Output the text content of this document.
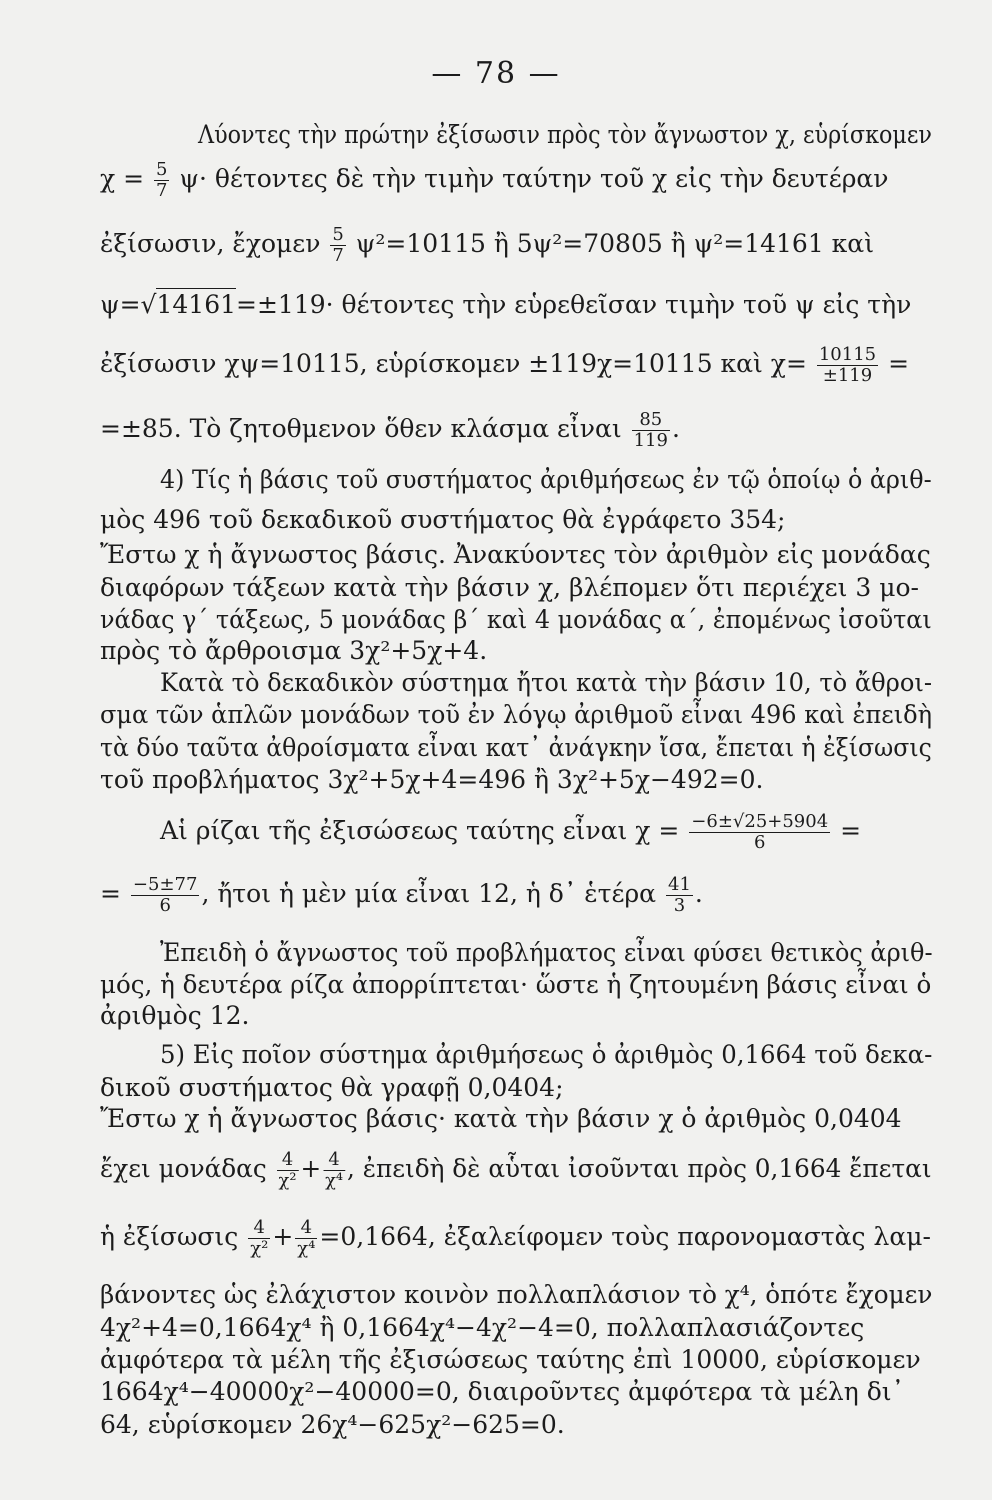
— 78 —
Λύοντες τὴν πρώτην ἐξίσωσιν πρὸς τὸν ἄγνωστον χ, εὑρίσκομεν
$\chi = \frac{5}{7} \psi\cdot \theta έ\tau o\nu\tau\varepsilon\varsigma$ δὲ τὴν τιμὴν ταύτην τοῦ χ εἰς τὴν δευτέραν
ἐξίσωσιν, ἔχομεν $\frac{5}{7} \psi^2=10115$ ἢ 5ψ²=70805 ἢ ψ²=14161 καὶ
ψ=√14161=±119· θέτοντες τὴν εὑρεθεῖσαν τιμὴν τοῦ ψ εἰς τὴν
ἐξίσωσιν χψ=10115, εὑρίσκομεν ±119χ=10115 καὶ $\chi= \frac{10115}{\pm 119}$ =
=±85. Τὸ ζητοθμενον ὅθεν κλάσμα εἶναι $\frac{85}{119}$ .
4) Τίς ἡ βάσις τοῦ συστήματος ἀριθμήσεως ἐν τῷ ὁποίῳ ὁ ἀριθ-
μὸς 496 τοῦ δεκαδικοῦ συστήματος θὰ ἐγράφετο 354;
Ἔστω χ ἡ ἄγνωστος βάσις. Ἀνακύοντες τὸν ἀριθμὸν εἰς μονάδας
διαφόρων τάξεων κατὰ τὴν βάσιν χ, βλέπομεν ὅτι περιέχει 3 μο-
νάδας γ΄ τάξεως, 5 μονάδας β΄ καὶ 4 μονάδας α΄, ἐπομένως ἰσοῦται
πρὸς τὸ ἄρθροισμα 3χ²+5χ+4.
Κατὰ τὸ δεκαδικὸν σύστημα ἤτοι κατὰ τὴν βάσιν 10, τὸ ἄθροι-
σμα τῶν ἁπλῶν μονάδων τοῦ ἐν λόγῳ ἀριθμοῦ εἶναι 496 καὶ ἐπειδὴ
τὰ δύο ταῦτα ἀθροίσματα εἶναι κατ᾽ ἀνάγκην ἴσα, ἔπεται ἡ ἐξίσωσις
τοῦ προβλήματος 3χ²+5χ+4=496 ἢ 3χ²+5χ−492=0.
Αἱ ρίζαι τῆς ἐξισώσεως ταύτης εἶναι $\chi = \frac{-6\pm√25+5904}{6}$ =
= $\frac{-5\pm 77}{6}$ , ἤτοι ἡ μὲν μία εἶναι 12, ἡ δ᾽ ἑτέρα $\frac{41}{3}$ .
Ἐπειδὴ ὁ ἄγνωστος τοῦ προβλήματος εἶναι φύσει θετικὸς ἀριθ-
μός, ἡ δευτέρα ρίζα ἀπορρίπτεται· ὥστε ἡ ζητουμένη βάσις εἶναι ὁ
ἀριθμὸς 12.
5) Εἰς ποῖον σύστημα ἀριθμήσεως ὁ ἀριθμὸς 0,1664 τοῦ δεκα-
δικοῦ συστήματος θὰ γραφῇ 0,0404;
Ἔστω χ ἡ ἄγνωστος βάσις· κατὰ τὴν βάσιν χ ὁ ἀριθμὸς 0,0404
ἔχει μονάδας $\frac{4}{\text{χ²}} + \frac{4}{\text{χ⁴}}$ , ἐπειδὴ δὲ αὗται ἰσοῦνται πρὸς 0,1664 ἔπεται
ἡ ἐξίσωσις $\frac{4}{\text{χ²}} + \frac{4}{\text{χ⁴}} =0,1664$, ἐξαλείφομεν τοὺς παρονομαστὰς λαμ-
βάνοντες ὡς ἐλάχιστον κοινὸν πολλαπλάσιον τὸ χ⁴, ὁπότε ἔχομεν
4χ²+4=0,1664χ⁴ ἢ 0,1664χ⁴−4χ²−4=0, πολλαπλασιάζοντες
ἀμφότερα τὰ μέλη τῆς ἐξισώσεως ταύτης ἐπὶ 10000, εὑρίσκομεν
1664χ⁴−40000χ²−40000=0, διαιροῦντες ἀμφότερα τὰ μέλη δι᾽
64, εὑρίσκομεν 26χ⁴−625χ²−625=0.
